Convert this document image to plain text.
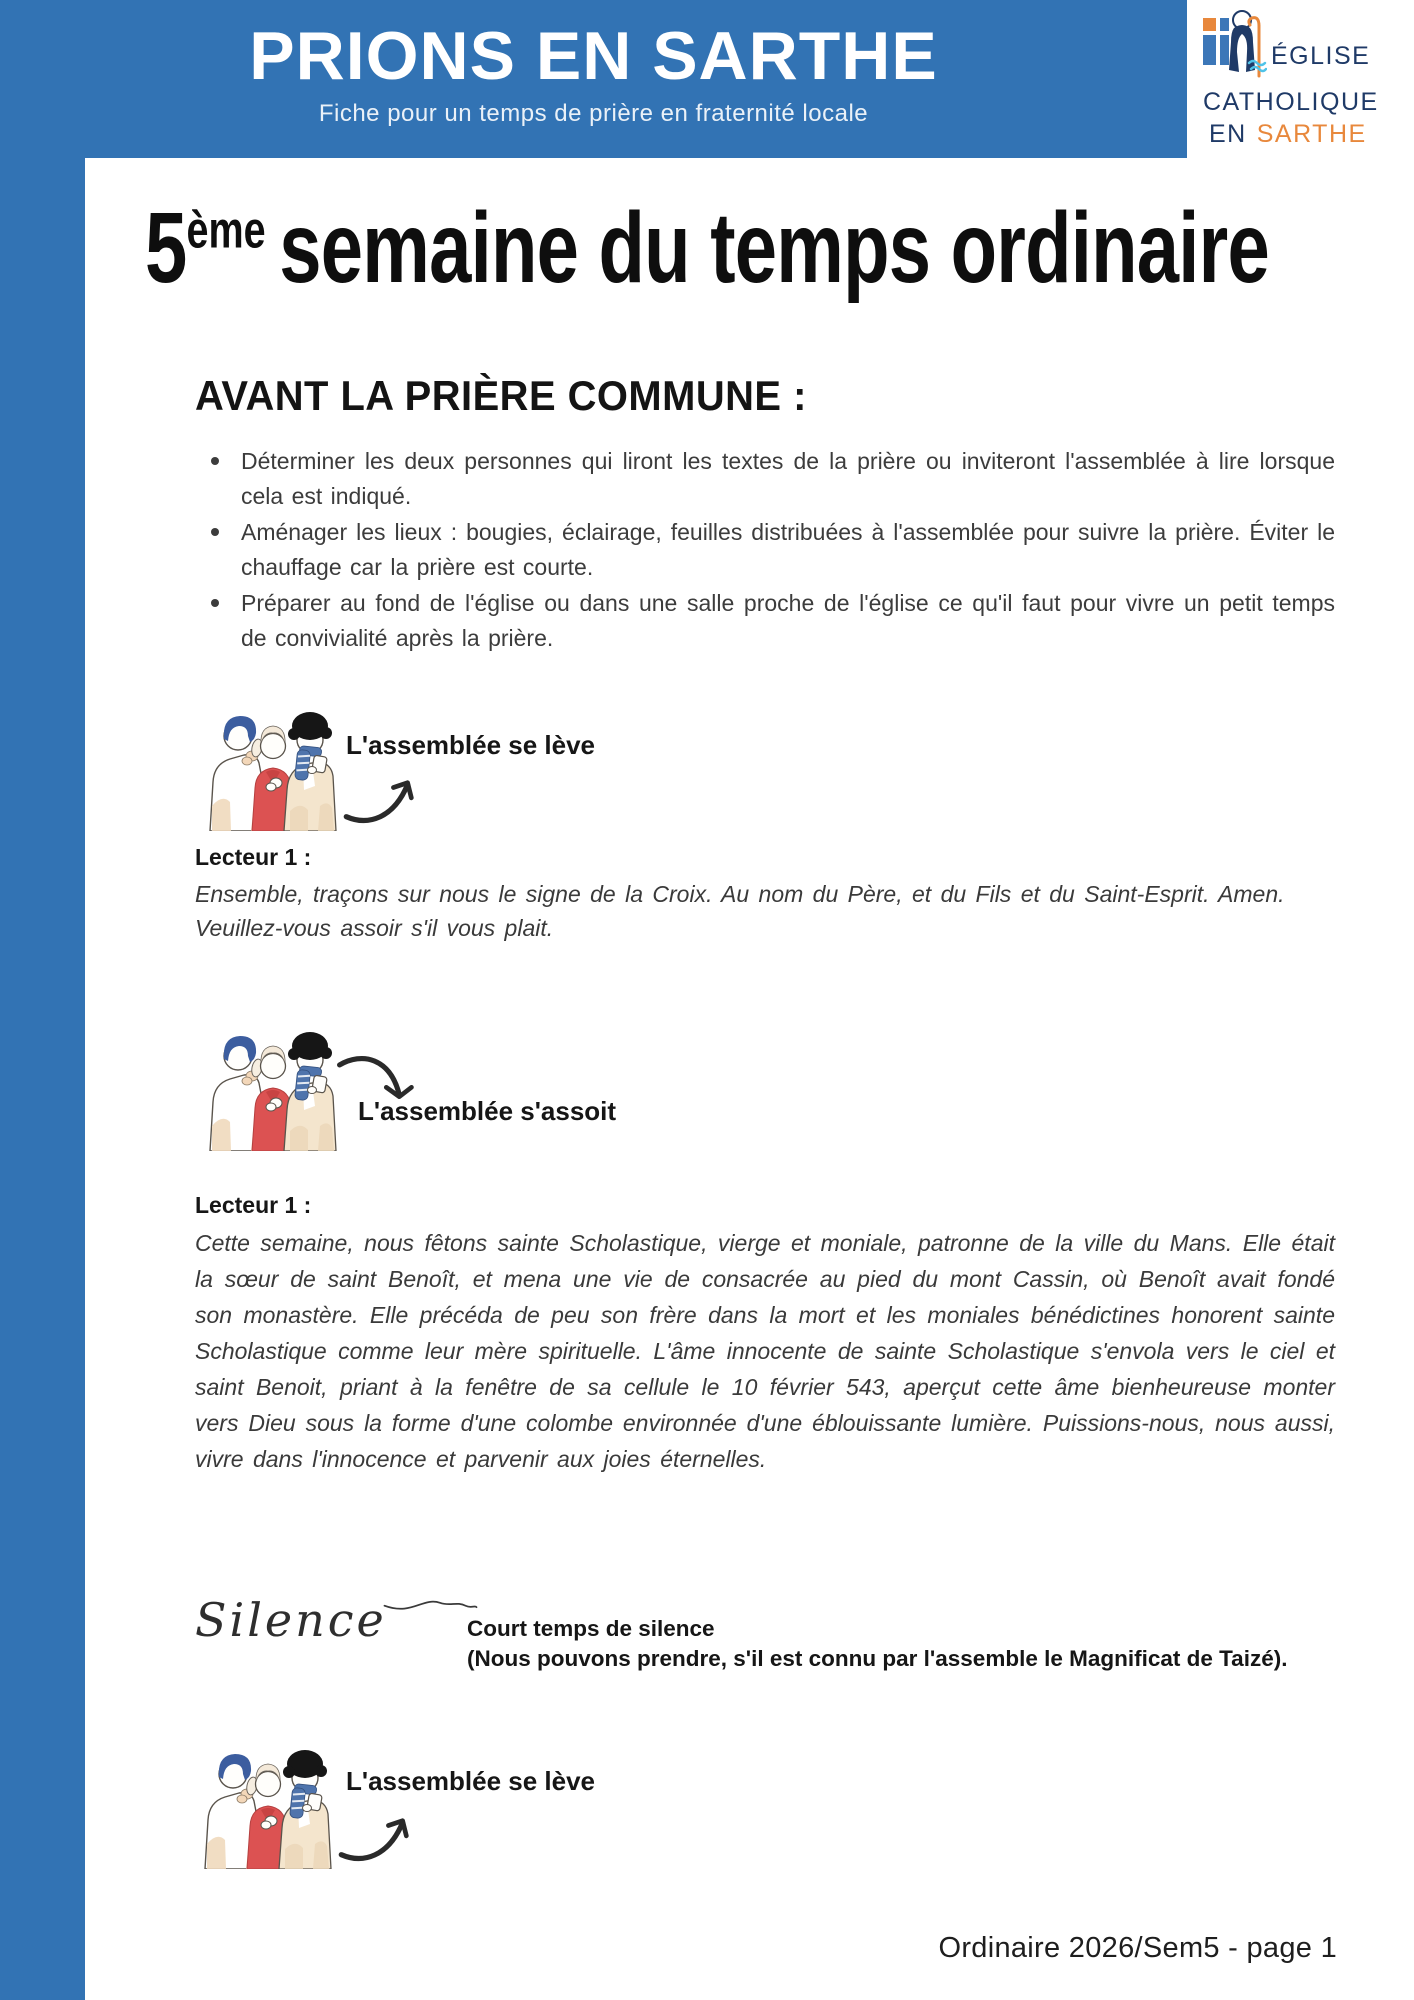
PRIONS EN SARTHE
Fiche pour un temps de prière en fraternité locale
ÉGLISE
CATHOLIQUE
EN SARTHE
5ème semaine du temps ordinaire
AVANT LA PRIÈRE COMMUNE :
Déterminer les deux personnes qui liront les textes de la prière ou inviteront l'assemblée à lire lorsque cela est indiqué.
Aménager les lieux : bougies, éclairage, feuilles distribuées à l'assemblée pour suivre la prière. Éviter le chauffage car la prière est courte.
Préparer au fond de l'église ou dans une salle proche de l'église ce qu'il faut pour vivre un petit temps de convivialité après la prière.
L'assemblée se lève
Lecteur 1 :

Ensemble, traçons sur nous le signe de la Croix. Au nom du Père, et du Fils et du Saint-Esprit. Amen.

Veuillez-vous assoir s'il vous plait.

L'assemblée s'assoit
Lecteur 1 :

Cette semaine, nous fêtons sainte Scholastique, vierge et moniale, patronne de la ville du Mans. Elle était la sœur de saint Benoît, et mena une vie de consacrée au pied du mont Cassin, où Benoît avait fondé son monastère. Elle précéda de peu son frère dans la mort et les moniales bénédictines honorent sainte Scholastique comme leur mère spirituelle. L'âme innocente de sainte Scholastique s'envola vers le ciel et saint Benoit, priant à la fenêtre de sa cellule le 10 février 543, aperçut cette âme bienheureuse monter vers Dieu sous la forme d'une colombe environnée d'une éblouissante lumière. Puissions-nous, nous aussi, vivre dans l'innocence et parvenir aux joies éternelles.

Silence	Court temps de silence
(Nous pouvons prendre, s'il est connu par l'assemble le Magnificat de Taizé).
L'assemblée se lève
Ordinaire 2026/Sem5 - page 1
